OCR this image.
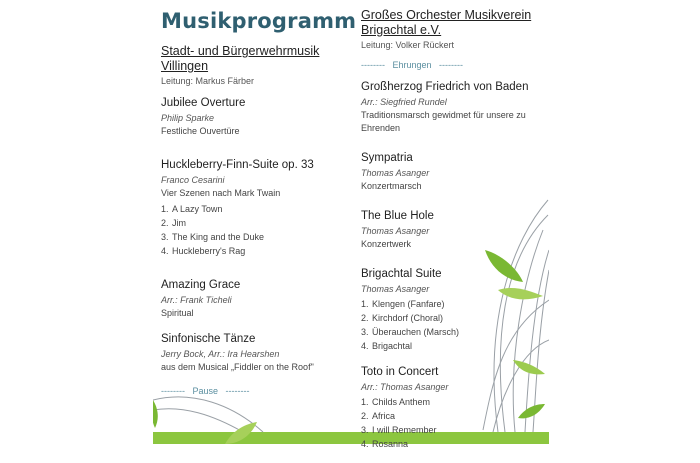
Musikprogramm
Stadt- und Bürgerwehrmusik Villingen
Leitung: Markus Färber
Jubilee Overture
Philip Sparke
Festliche Ouvertüre
Huckleberry-Finn-Suite op. 33
Franco Cesarini
Vier Szenen nach Mark Twain
A Lazy Town
Jim
The King and the Duke
Huckleberry's Rag
Amazing Grace
Arr.: Frank Ticheli
Spiritual
Sinfonische Tänze
Jerry Bock, Arr.: Ira Hearshen
aus dem Musical „Fiddler on the Roof"
--------   Pause   --------
Großes Orchester Musikverein Brigachtal e.V.
Leitung: Volker Rückert
--------   Ehrungen   --------
Großherzog Friedrich von Baden
Arr.: Siegfried Rundel
Traditionsmarsch gewidmet für unsere zu Ehrenden
Sympatria
Thomas Asanger
Konzertmarsch
The Blue Hole
Thomas Asanger
Konzertwerk
Brigachtal Suite
Thomas Asanger
Klengen (Fanfare)
Kirchdorf (Choral)
Überauchen (Marsch)
Brigachtal
Toto in Concert
Arr.: Thomas Asanger
Childs Anthem
Africa
I will Remember
Rosanna
